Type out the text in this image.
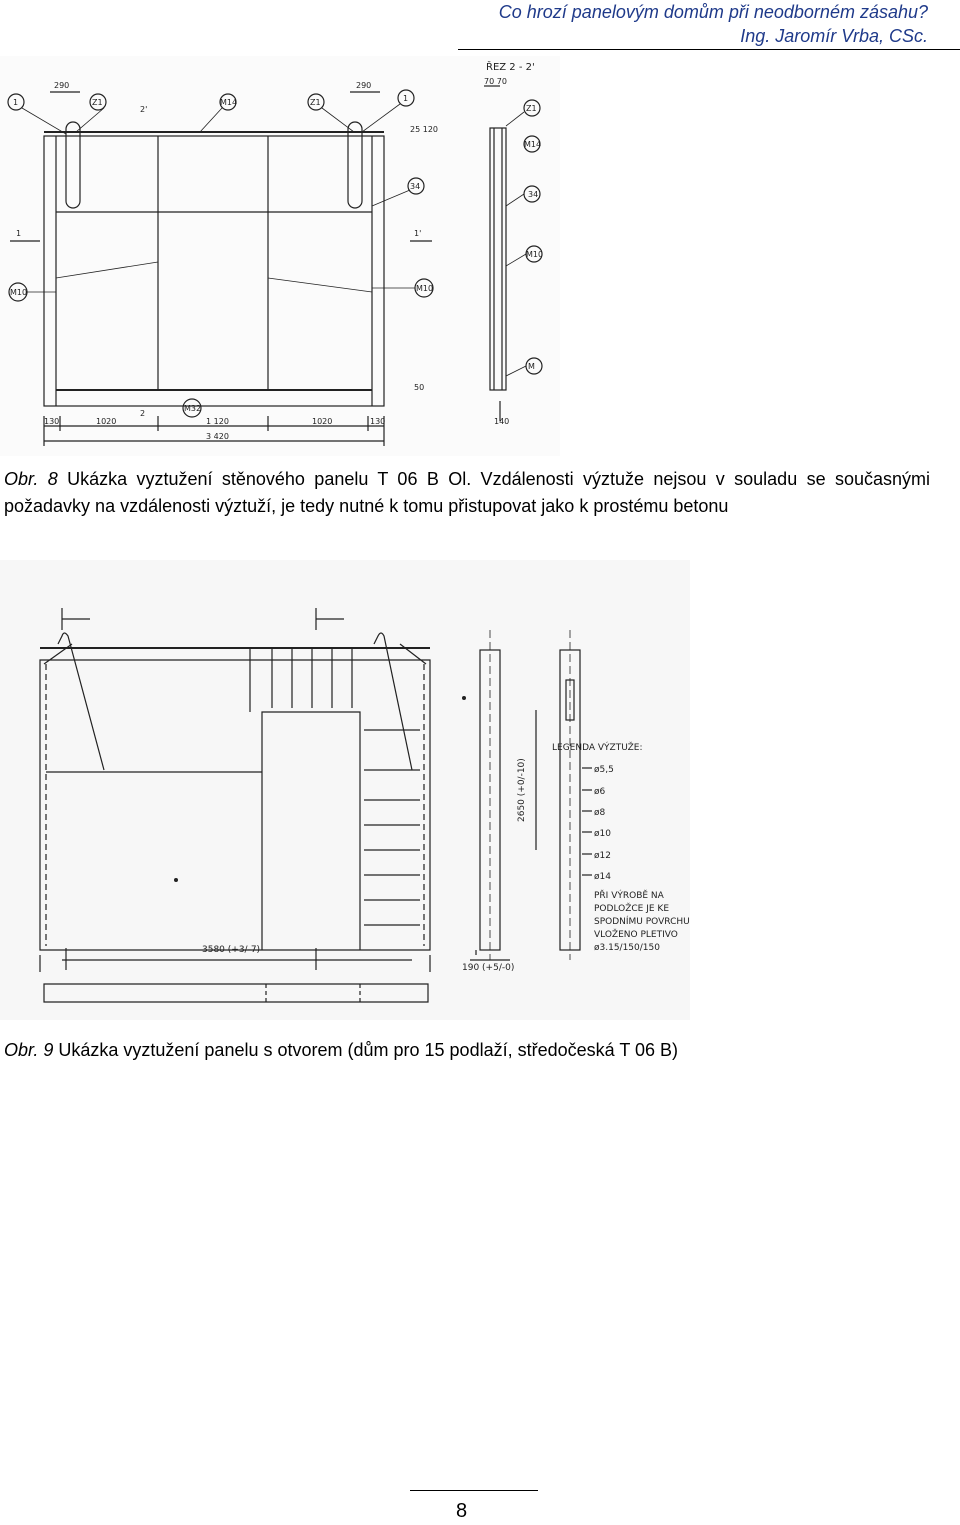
Co hrozí panelovým domům při neodborném zásahu?
Ing. Jaromír Vrba, CSc.
ŘEZ 2 - 2'
70 70
290	290
1	Z1	M14	Z1	1
34
M10	M10
M32
Z1
M14
34
M10
M
1	1'
2'
2
25 120
50
130	1020	1 120	1020	130
3 420
140
Obr. 8 Ukázka vyztužení stěnového panelu T 06 B Ol. Vzdálenosti výztuže nejsou v souladu se současnými požadavky na vzdálenosti výztuží, je tedy nutné k tomu přistupovat jako k prostému betonu
LEGENDA VÝZTUŽE:
ø5,5
ø6
ø8
ø10
ø12
ø14
PŘI VÝROBĚ NA
PODLOŽCE JE KE
SPODNÍMU POVRCHU
VLOŽENO PLETIVO
ø3.15/150/150
3580 (+3/-7)
190 (+5/-0)
2650 (+0/-10)
Obr. 9 Ukázka vyztužení panelu s otvorem (dům pro 15 podlaží, středočeská T 06 B)
8
